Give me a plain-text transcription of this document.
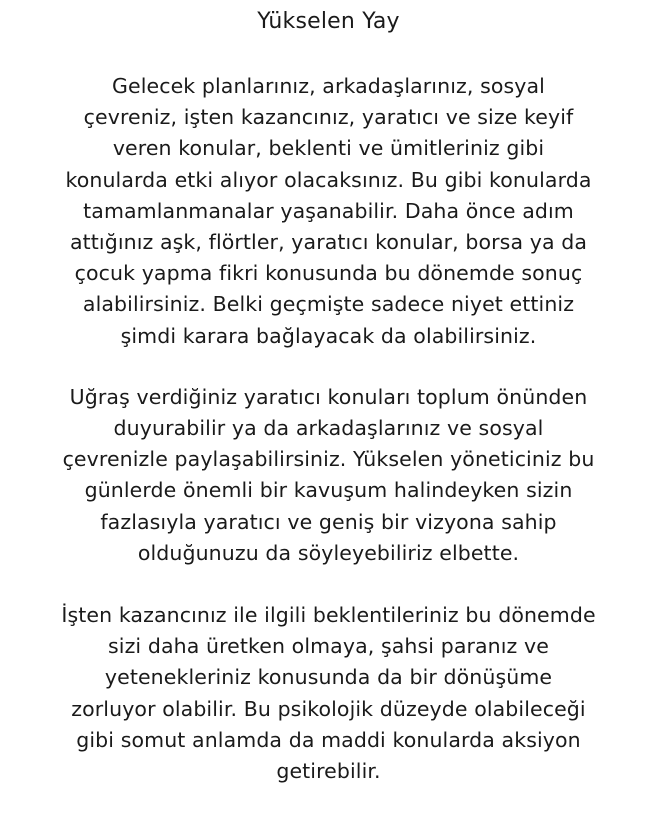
Yükselen Yay

Gelecek planlarınız, arkadaşlarınız, sosyal
çevreniz, işten kazancınız, yaratıcı ve size keyif
veren konular, beklenti ve ümitleriniz gibi
konularda etki alıyor olacaksınız. Bu gibi konularda
tamamlanmanalar yaşanabilir. Daha önce adım
attığınız aşk, flörtler, yaratıcı konular, borsa ya da
çocuk yapma fikri konusunda bu dönemde sonuç
alabilirsiniz. Belki geçmişte sadece niyet ettiniz
şimdi karara bağlayacak da olabilirsiniz.

Uğraş verdiğiniz yaratıcı konuları toplum önünden
duyurabilir ya da arkadaşlarınız ve sosyal
çevrenizle paylaşabilirsiniz. Yükselen yöneticiniz bu
günlerde önemli bir kavuşum halindeyken sizin
fazlasıyla yaratıcı ve geniş bir vizyona sahip
olduğunuzu da söyleyebiliriz elbette.

İşten kazancınız ile ilgili beklentileriniz bu dönemde
sizi daha üretken olmaya, şahsi paranız ve
yetenekleriniz konusunda da bir dönüşüme
zorluyor olabilir. Bu psikolojik düzeyde olabileceği
gibi somut anlamda da maddi konularda aksiyon
getirebilir.
